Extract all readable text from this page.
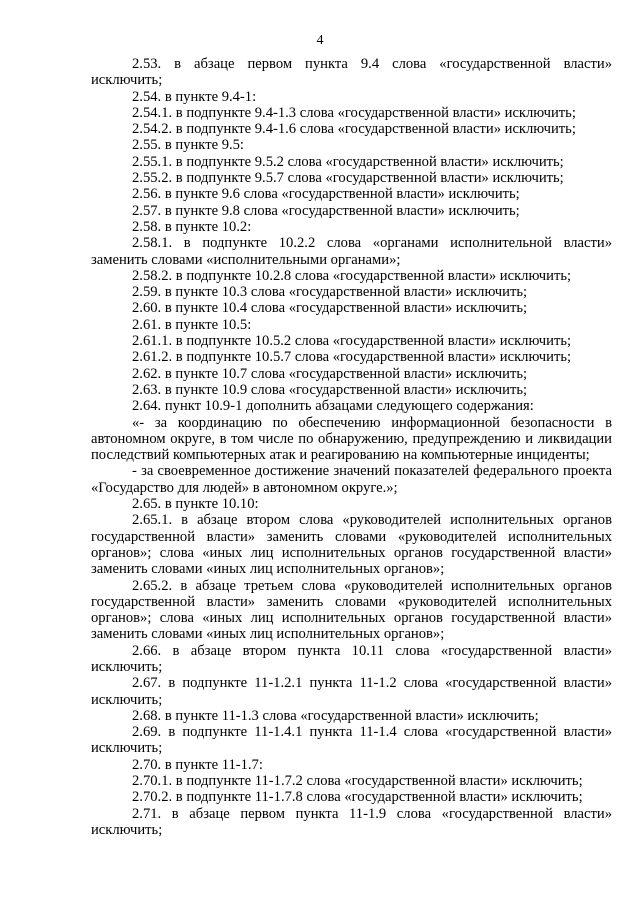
4

2.53. в абзаце первом пункта 9.4 слова «государственной власти» исключить;

2.54. в пункте 9.4-1:

2.54.1. в подпункте 9.4-1.3 слова «государственной власти» исключить;

2.54.2. в подпункте 9.4-1.6 слова «государственной власти» исключить;

2.55. в пункте 9.5:

2.55.1. в подпункте 9.5.2 слова «государственной власти» исключить;

2.55.2. в подпункте 9.5.7 слова «государственной власти» исключить;

2.56. в пункте 9.6 слова «государственной власти» исключить;

2.57. в пункте 9.8 слова «государственной власти» исключить;

2.58. в пункте 10.2:

2.58.1. в подпункте 10.2.2 слова «органами исполнительной власти» заменить словами «исполнительными органами»;

2.58.2. в подпункте 10.2.8 слова «государственной власти» исключить;

2.59. в пункте 10.3 слова «государственной власти» исключить;

2.60. в пункте 10.4 слова «государственной власти» исключить;

2.61. в пункте 10.5:

2.61.1. в подпункте 10.5.2 слова «государственной власти» исключить;

2.61.2. в подпункте 10.5.7 слова «государственной власти» исключить;

2.62. в пункте 10.7 слова «государственной власти» исключить;

2.63. в пункте 10.9 слова «государственной власти» исключить;

2.64. пункт 10.9-1 дополнить абзацами следующего содержания:

«- за координацию по обеспечению информационной безопасности в автономном округе, в том числе по обнаружению, предупреждению и ликвидации последствий компьютерных атак и реагированию на компьютерные инциденты;

- за своевременное достижение значений показателей федерального проекта «Государство для людей» в автономном округе.»;

2.65. в пункте 10.10:

2.65.1. в абзаце втором слова «руководителей исполнительных органов государственной власти» заменить словами «руководителей исполнительных органов»; слова «иных лиц исполнительных органов государственной власти» заменить словами «иных лиц исполнительных органов»;

2.65.2. в абзаце третьем слова «руководителей исполнительных органов государственной власти» заменить словами «руководителей исполнительных органов»; слова «иных лиц исполнительных органов государственной власти» заменить словами «иных лиц исполнительных органов»;

2.66. в абзаце втором пункта 10.11 слова «государственной власти» исключить;

2.67. в подпункте 11-1.2.1 пункта 11-1.2 слова «государственной власти» исключить;

2.68. в пункте 11-1.3 слова «государственной власти» исключить;

2.69. в подпункте 11-1.4.1 пункта 11-1.4 слова «государственной власти» исключить;

2.70. в пункте 11-1.7:

2.70.1. в подпункте 11-1.7.2 слова «государственной власти» исключить;

2.70.2. в подпункте 11-1.7.8 слова «государственной власти» исключить;

2.71. в абзаце первом пункта 11-1.9 слова «государственной власти» исключить;
